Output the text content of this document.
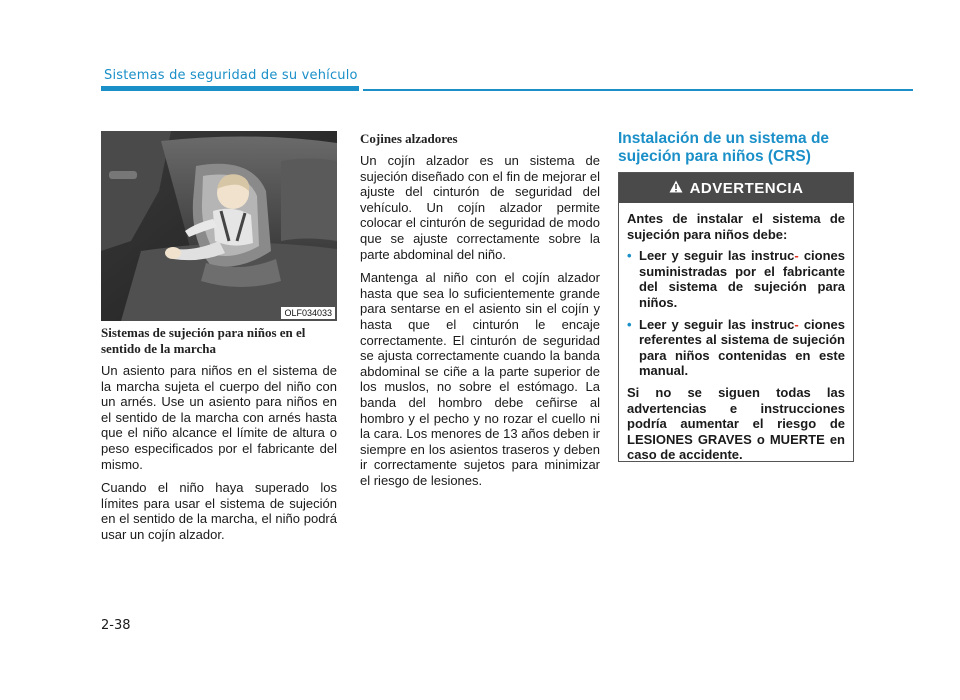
Sistemas de seguridad de su vehículo
OLF034033
Sistemas de sujeción para niños en el sentido de la marcha

Un asiento para niños en el sistema de la marcha sujeta el cuerpo del niño con un arnés. Use un asiento para niños en el sentido de la marcha con arnés hasta que el niño alcance el límite de altura o peso especificados por el fabricante del mismo.

Cuando el niño haya superado los límites para usar el sistema de sujeción en el sentido de la marcha, el niño podrá usar un cojín alzador.

Cojines alzadores

Un cojín alzador es un sistema de sujeción diseñado con el fin de mejorar el ajuste del cinturón de seguridad del vehículo. Un cojín alzador permite colocar el cinturón de seguridad de modo que se ajuste correctamente sobre la parte abdominal del niño.

Mantenga al niño con el cojín alzador hasta que sea lo suficientemente grande para sentarse en el asiento sin el cojín y hasta que el cinturón le encaje correctamente. El cinturón de seguridad se ajusta correctamente cuando la banda abdominal se ciñe a la parte superior de los muslos, no sobre el estómago. La banda del hombro debe ceñirse al hombro y el pecho y no rozar el cuello ni la cara. Los menores de 13 años deben ir siempre en los asientos traseros y deben ir correctamente sujetos para minimizar el riesgo de lesiones.

Instalación de un sistema de sujeción para niños (CRS)
ADVERTENCIA

Antes de instalar el sistema de sujeción para niños debe:

• Leer y seguir las instruc- ciones suministradas por el fabricante del sistema de sujeción para niños.
• Leer y seguir las instruc- ciones referentes al sistema de sujeción para niños contenidas en este manual.

Si no se siguen todas las advertencias e instrucciones podría aumentar el riesgo de LESIONES GRAVES o MUERTE en caso de accidente.

2-38
